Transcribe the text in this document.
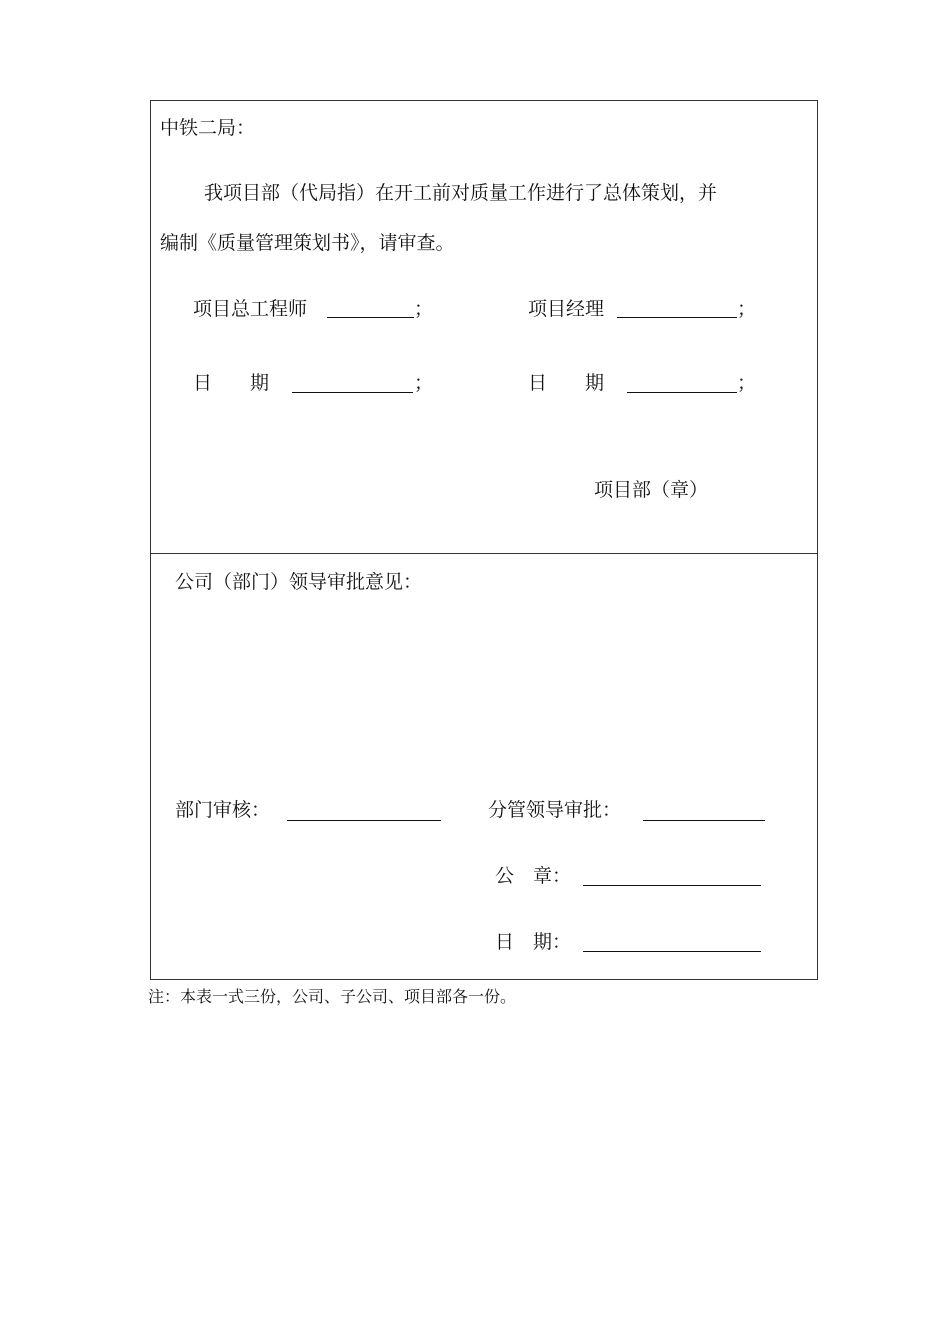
中铁二局：
我项目部（代局指）在开工前对质量工作进行了总体策划，并
编制《质量管理策划书》，请审查。
项目总工程师	；	项目经理	；
日　　期	；	日　　期	；
项目部（章）
公司（部门）领导审批意见：
部门审核：	分管领导审批：
公　章：
日　期：
注：本表一式三份，公司、子公司、项目部各一份。
